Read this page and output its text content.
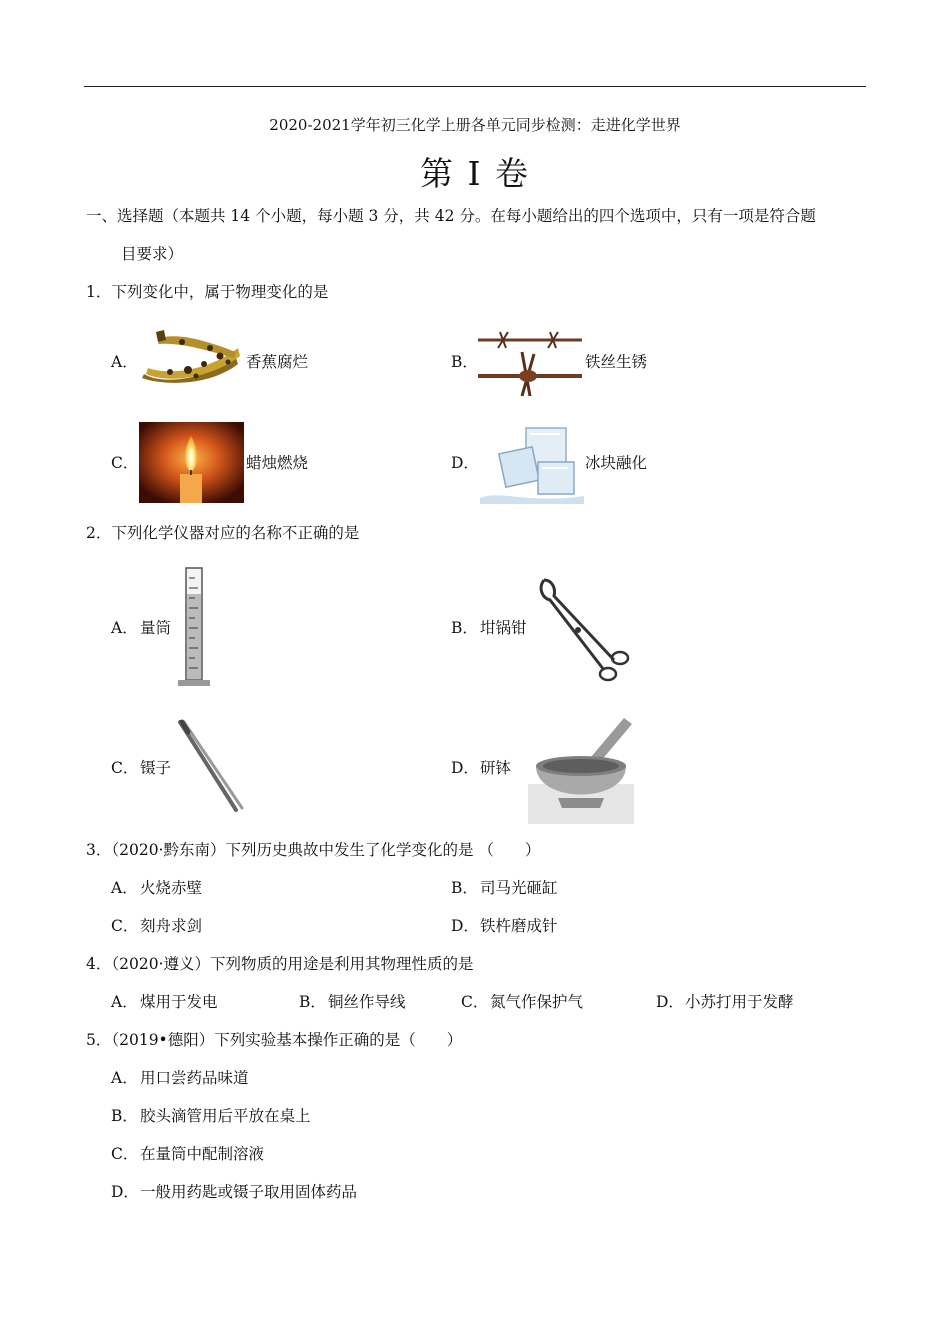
2020-2021学年初三化学上册各单元同步检测：走进化学世界
第 I 卷
一、选择题（本题共 14 个小题，每小题 3 分，共 42 分。在每小题给出的四个选项中，只有一项是符合题
目要求）
1．下列变化中，属于物理变化的是
A．	香蕉腐烂	B．	铁丝生锈
C．	蜡烛燃烧	D．	冰块融化
2．下列化学仪器对应的名称不正确的是
A． 量筒	B． 坩锅钳
C． 镊子	D． 研钵
3．（2020·黔东南）下列历史典故中发生了化学变化的是 （　　）
A． 火烧赤壁	B． 司马光砸缸
C． 刻舟求剑	D． 铁杵磨成针
4．（2020·遵义）下列物质的用途是利用其物理性质的是
A． 煤用于发电	B． 铜丝作导线	C． 氮气作保护气	D． 小苏打用于发酵
5．（2019•德阳）下列实验基本操作正确的是（　　）
A． 用口尝药品味道
B． 胶头滴管用后平放在桌上
C． 在量筒中配制溶液
D． 一般用药匙或镊子取用固体药品
